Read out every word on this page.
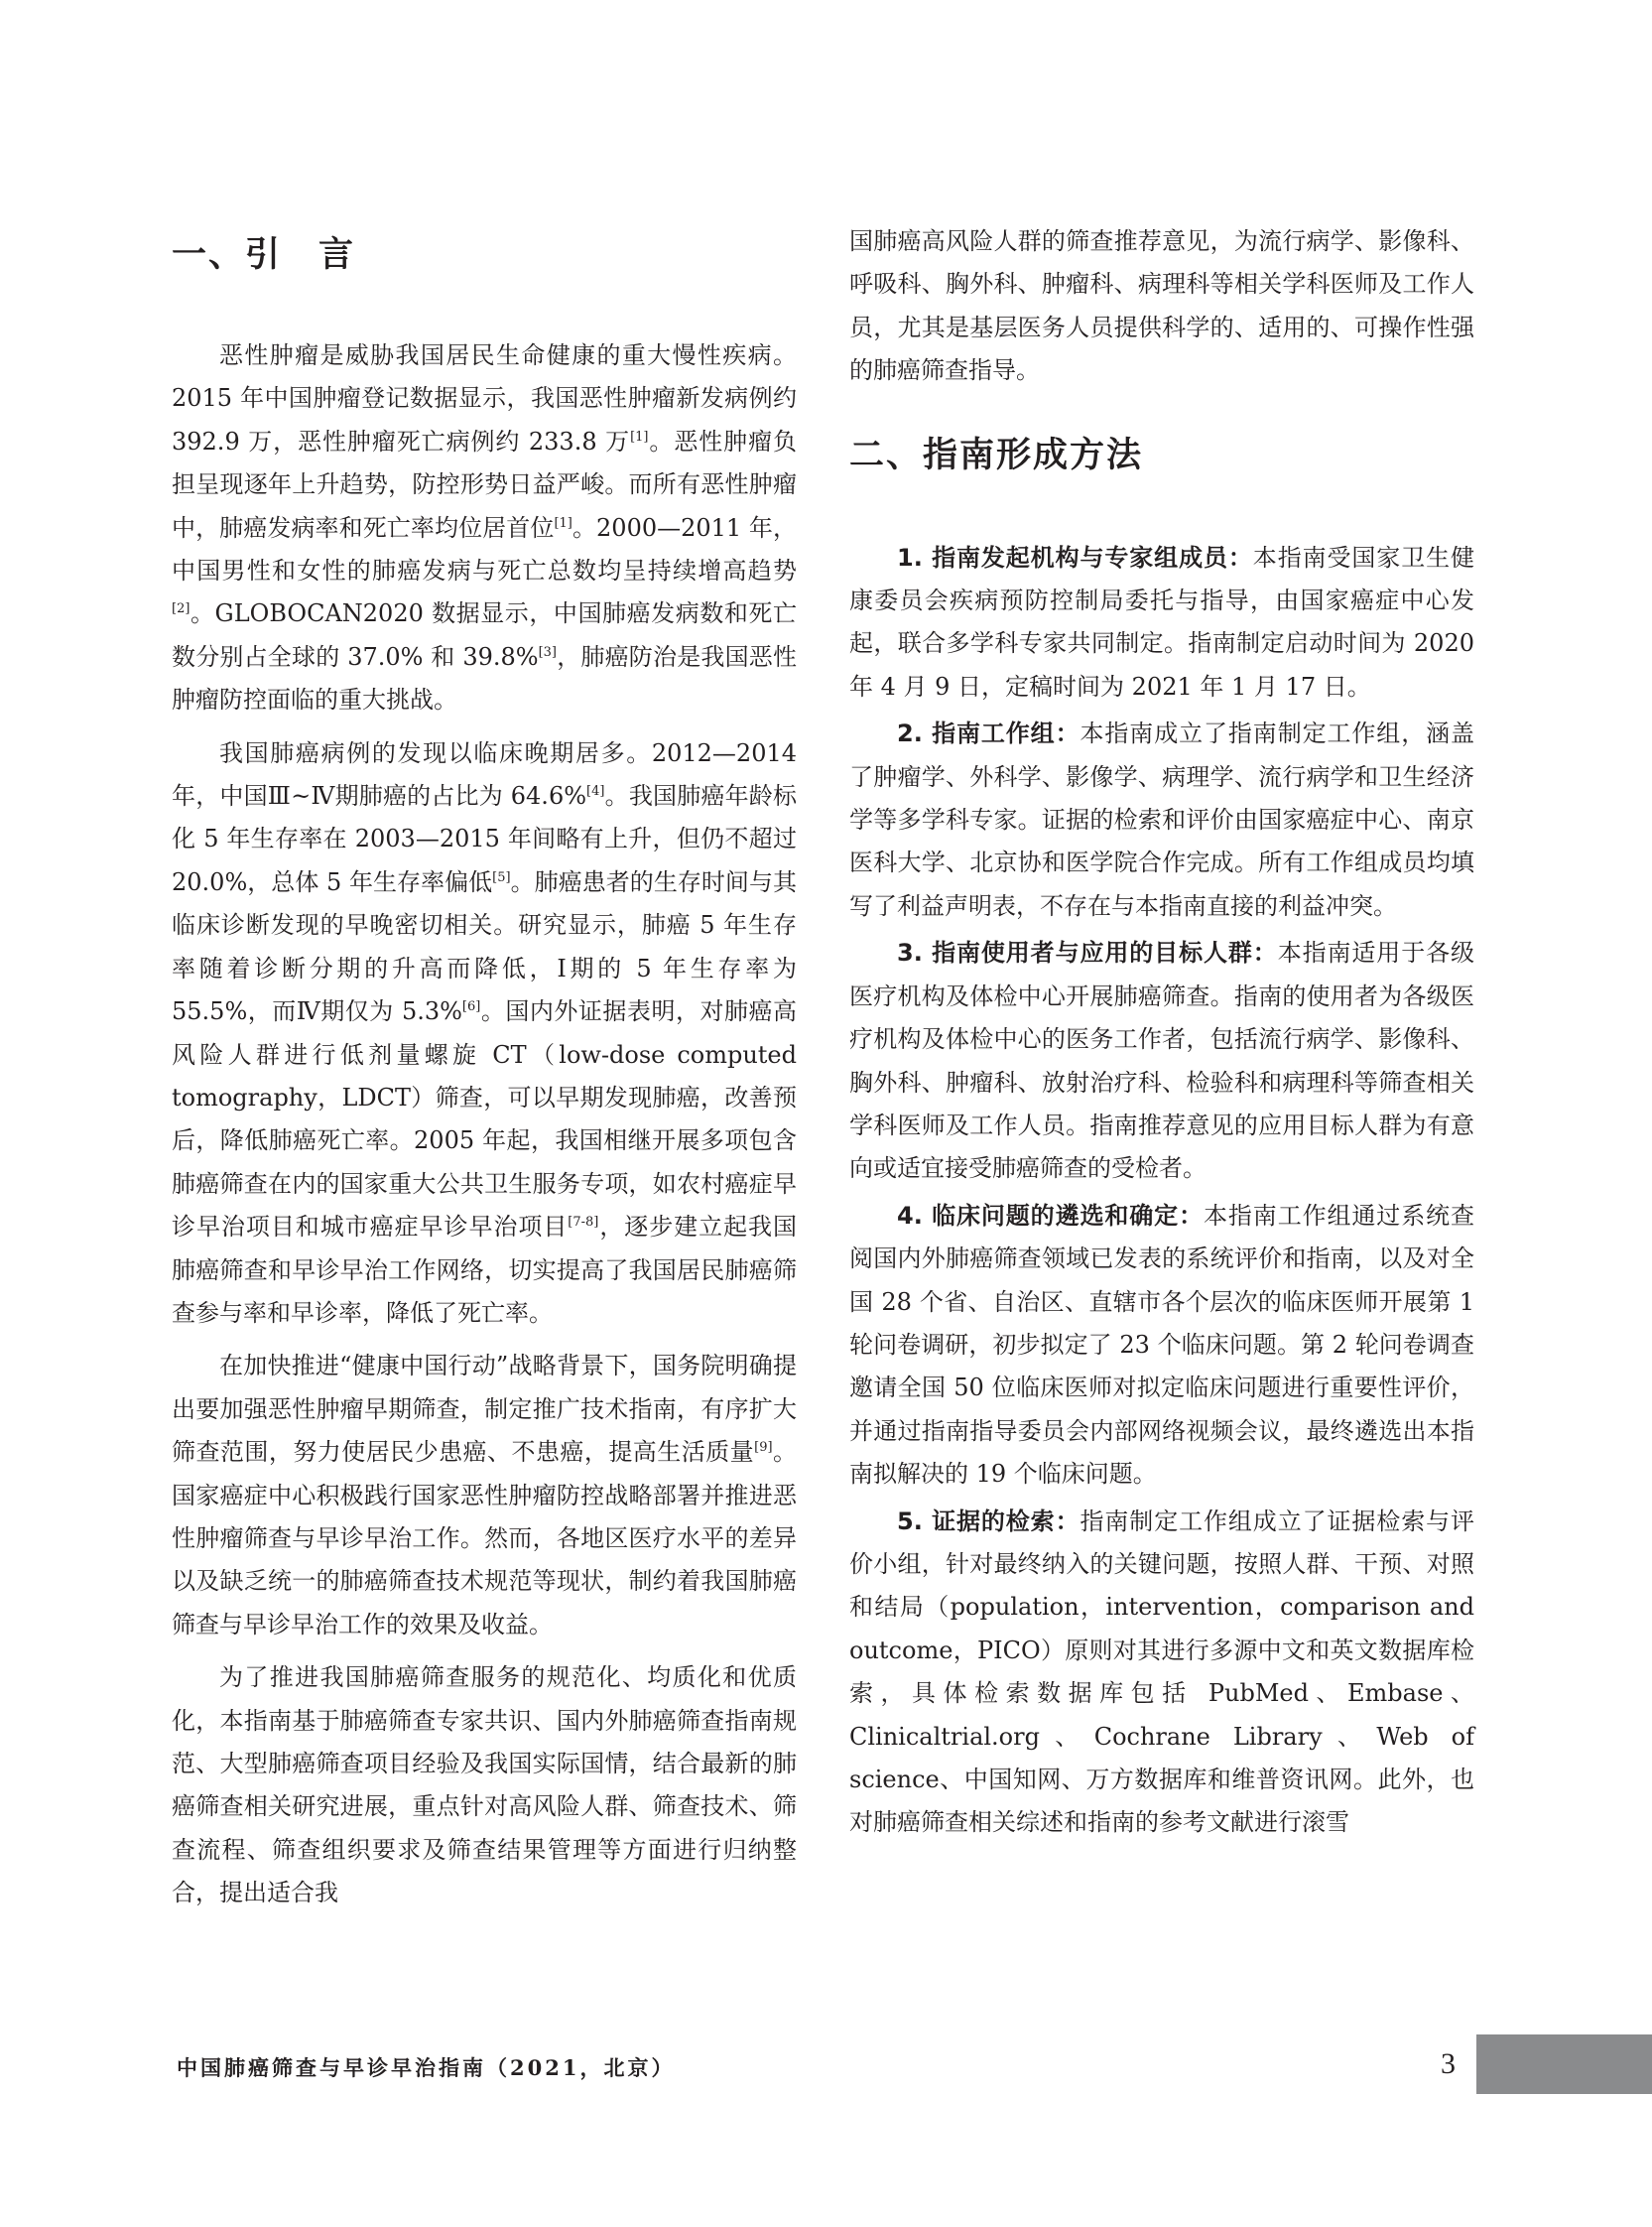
一、引　言

恶性肿瘤是威胁我国居民生命健康的重大慢性疾病。2015 年中国肿瘤登记数据显示，我国恶性肿瘤新发病例约 392.9 万，恶性肿瘤死亡病例约 233.8 万[1]。恶性肿瘤负担呈现逐年上升趋势，防控形势日益严峻。而所有恶性肿瘤中，肺癌发病率和死亡率均位居首位[1]。2000—2011 年，中国男性和女性的肺癌发病与死亡总数均呈持续增高趋势[2]。GLOBOCAN2020 数据显示，中国肺癌发病数和死亡数分别占全球的 37.0% 和 39.8%[3]，肺癌防治是我国恶性肿瘤防控面临的重大挑战。

我国肺癌病例的发现以临床晚期居多。2012—2014 年，中国Ⅲ~Ⅳ期肺癌的占比为 64.6%[4]。我国肺癌年龄标化 5 年生存率在 2003—2015 年间略有上升，但仍不超过 20.0%，总体 5 年生存率偏低[5]。肺癌患者的生存时间与其临床诊断发现的早晚密切相关。研究显示，肺癌 5 年生存率随着诊断分期的升高而降低，Ⅰ期的 5 年生存率为 55.5%，而Ⅳ期仅为 5.3%[6]。国内外证据表明，对肺癌高风险人群进行低剂量螺旋 CT（low-dose computed tomography，LDCT）筛查，可以早期发现肺癌，改善预后，降低肺癌死亡率。2005 年起，我国相继开展多项包含肺癌筛查在内的国家重大公共卫生服务专项，如农村癌症早诊早治项目和城市癌症早诊早治项目[7-8]，逐步建立起我国肺癌筛查和早诊早治工作网络，切实提高了我国居民肺癌筛查参与率和早诊率，降低了死亡率。

在加快推进“健康中国行动”战略背景下，国务院明确提出要加强恶性肿瘤早期筛查，制定推广技术指南，有序扩大筛查范围，努力使居民少患癌、不患癌，提高生活质量[9]。国家癌症中心积极践行国家恶性肿瘤防控战略部署并推进恶性肿瘤筛查与早诊早治工作。然而，各地区医疗水平的差异以及缺乏统一的肺癌筛查技术规范等现状，制约着我国肺癌筛查与早诊早治工作的效果及收益。

为了推进我国肺癌筛查服务的规范化、均质化和优质化，本指南基于肺癌筛查专家共识、国内外肺癌筛查指南规范、大型肺癌筛查项目经验及我国实际国情，结合最新的肺癌筛查相关研究进展，重点针对高风险人群、筛查技术、筛查流程、筛查组织要求及筛查结果管理等方面进行归纳整合，提出适合我

国肺癌高风险人群的筛查推荐意见，为流行病学、影像科、呼吸科、胸外科、肿瘤科、病理科等相关学科医师及工作人员，尤其是基层医务人员提供科学的、适用的、可操作性强的肺癌筛查指导。

二、指南形成方法

1. 指南发起机构与专家组成员：本指南受国家卫生健康委员会疾病预防控制局委托与指导，由国家癌症中心发起，联合多学科专家共同制定。指南制定启动时间为 2020 年 4 月 9 日，定稿时间为 2021 年 1 月 17 日。

2. 指南工作组：本指南成立了指南制定工作组，涵盖了肿瘤学、外科学、影像学、病理学、流行病学和卫生经济学等多学科专家。证据的检索和评价由国家癌症中心、南京医科大学、北京协和医学院合作完成。所有工作组成员均填写了利益声明表，不存在与本指南直接的利益冲突。

3. 指南使用者与应用的目标人群：本指南适用于各级医疗机构及体检中心开展肺癌筛查。指南的使用者为各级医疗机构及体检中心的医务工作者，包括流行病学、影像科、胸外科、肿瘤科、放射治疗科、检验科和病理科等筛查相关学科医师及工作人员。指南推荐意见的应用目标人群为有意向或适宜接受肺癌筛查的受检者。

4. 临床问题的遴选和确定：本指南工作组通过系统查阅国内外肺癌筛查领域已发表的系统评价和指南，以及对全国 28 个省、自治区、直辖市各个层次的临床医师开展第 1 轮问卷调研，初步拟定了 23 个临床问题。第 2 轮问卷调查邀请全国 50 位临床医师对拟定临床问题进行重要性评价，并通过指南指导委员会内部网络视频会议，最终遴选出本指南拟解决的 19 个临床问题。

5. 证据的检索：指南制定工作组成立了证据检索与评价小组，针对最终纳入的关键问题，按照人群、干预、对照和结局（population，intervention，comparison and outcome，PICO）原则对其进行多源中文和英文数据库检索，具体检索数据库包括 PubMed、Embase、Clinicaltrial.org、Cochrane Library、Web of science、中国知网、万方数据库和维普资讯网。此外，也对肺癌筛查相关综述和指南的参考文献进行滚雪

中国肺癌筛查与早诊早治指南（2021，北京）	3
